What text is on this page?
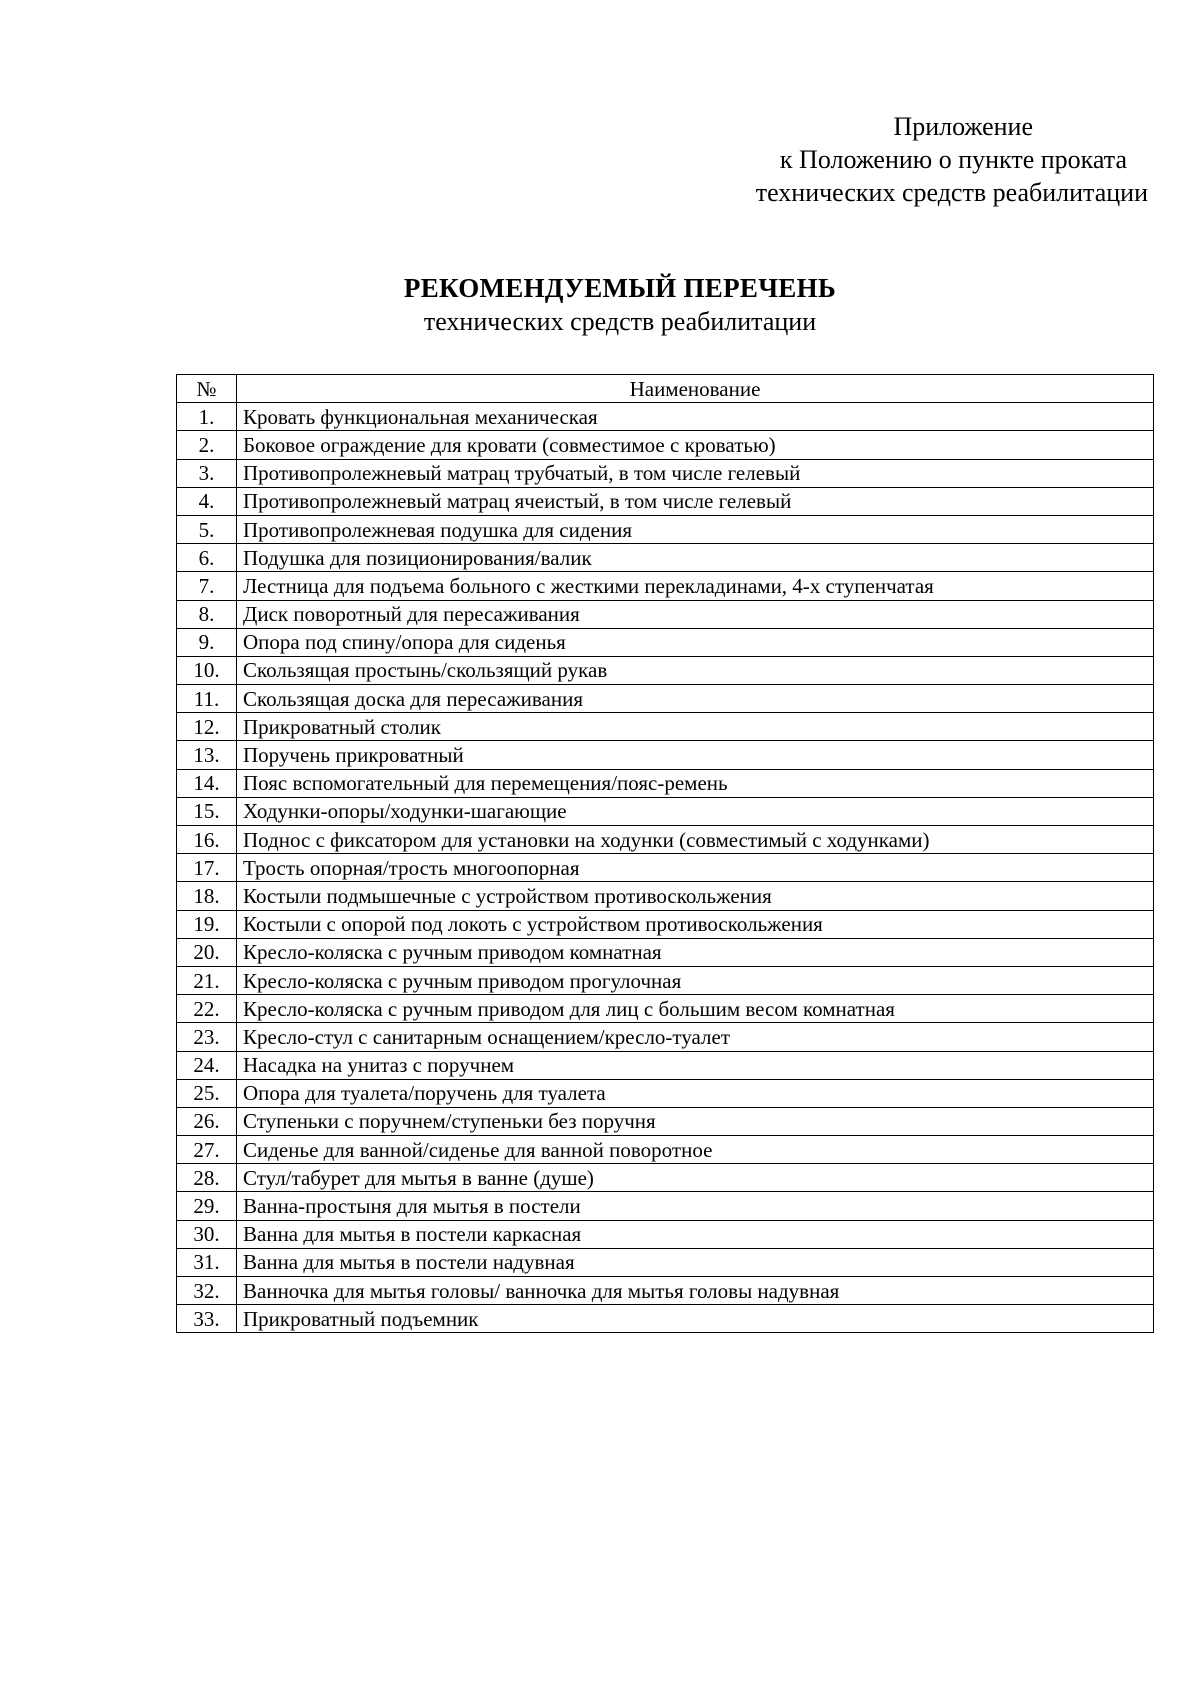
Приложение
к Положению о пункте проката
технических средств реабилитации
РЕКОМЕНДУЕМЫЙ ПЕРЕЧЕНЬ
технических средств реабилитации
№	Наименование
1.	Кровать функциональная механическая
2.	Боковое ограждение для кровати (совместимое с кроватью)
3.	Противопролежневый матрац трубчатый, в том числе гелевый
4.	Противопролежневый матрац ячеистый, в том числе гелевый
5.	Противопролежневая подушка для сидения
6.	Подушка для позиционирования/валик
7.	Лестница для подъема больного с жесткими перекладинами, 4-х ступенчатая
8.	Диск поворотный для пересаживания
9.	Опора под спину/опора для сиденья
10.	Скользящая простынь/скользящий рукав
11.	Скользящая доска для пересаживания
12.	Прикроватный столик
13.	Поручень прикроватный
14.	Пояс вспомогательный для перемещения/пояс-ремень
15.	Ходунки-опоры/ходунки-шагающие
16.	Поднос с фиксатором для установки на ходунки (совместимый с ходунками)
17.	Трость опорная/трость многоопорная
18.	Костыли подмышечные с устройством противоскольжения
19.	Костыли с опорой под локоть с устройством противоскольжения
20.	Кресло-коляска с ручным приводом комнатная
21.	Кресло-коляска с ручным приводом прогулочная
22.	Кресло-коляска с ручным приводом для лиц с большим весом комнатная
23.	Кресло-стул с санитарным оснащением/кресло-туалет
24.	Насадка на унитаз с поручнем
25.	Опора для туалета/поручень для туалета
26.	Ступеньки с поручнем/ступеньки без поручня
27.	Сиденье для ванной/сиденье для ванной поворотное
28.	Стул/табурет для мытья в ванне (душе)
29.	Ванна-простыня для мытья в постели
30.	Ванна для мытья в постели каркасная
31.	Ванна для мытья в постели надувная
32.	Ванночка для мытья головы/ ванночка для мытья головы надувная
33.	Прикроватный подъемник
